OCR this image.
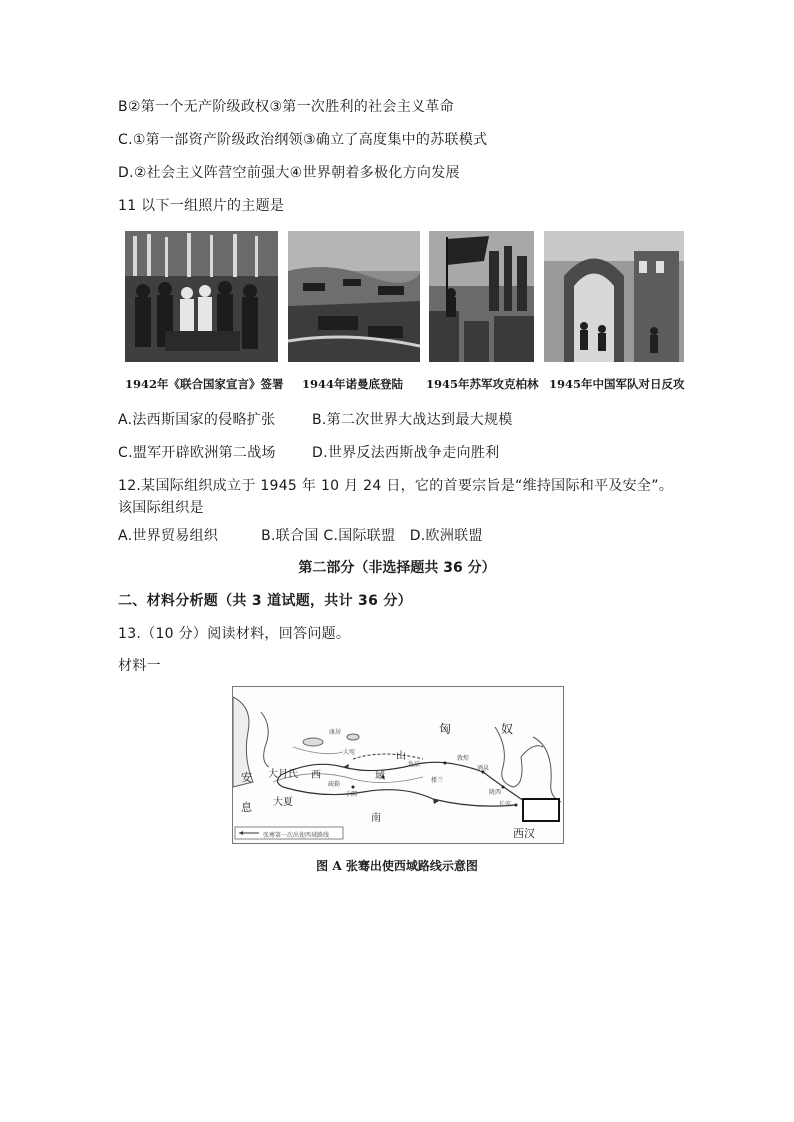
B②第一个无产阶级政权③第一次胜利的社会主义革命
C.①第一部资产阶级政治纲领③确立了高度集中的苏联模式
D.②社会主义阵营空前强大④世界朝着多极化方向发展
11 以下一组照片的主题是
1942年《联合国家宣言》签署 1944年诺曼底登陆 1945年苏军攻克柏林 1945年中国军队对日反攻
A.法西斯国家的侵略扩张	B.第二次世界大战达到最大规模
C.盟军开辟欧洲第二战场	D.世界反法西斯战争走向胜利
12.某国际组织成立于 1945 年 10 月 24 日，它的首要宗旨是“维持国际和平及安全”。
该国际组织是
A.世界贸易组织　　　B.联合国 C.国际联盟　D.欧洲联盟
第二部分（非选择题共 36 分）
二、材料分析题（共 3 道试题，共计 36 分）
13.（10 分）阅读材料，回答问题。
材料一
匈	奴
安
息
大月氏 西	域
大夏
南
山
西汉
康居
大宛
龟兹
疏勒
于阗
楼兰
酒泉
敦煌
陇西
长安
张骞第一次出使西域路线
图 A 张骞出使西域路线示意图
